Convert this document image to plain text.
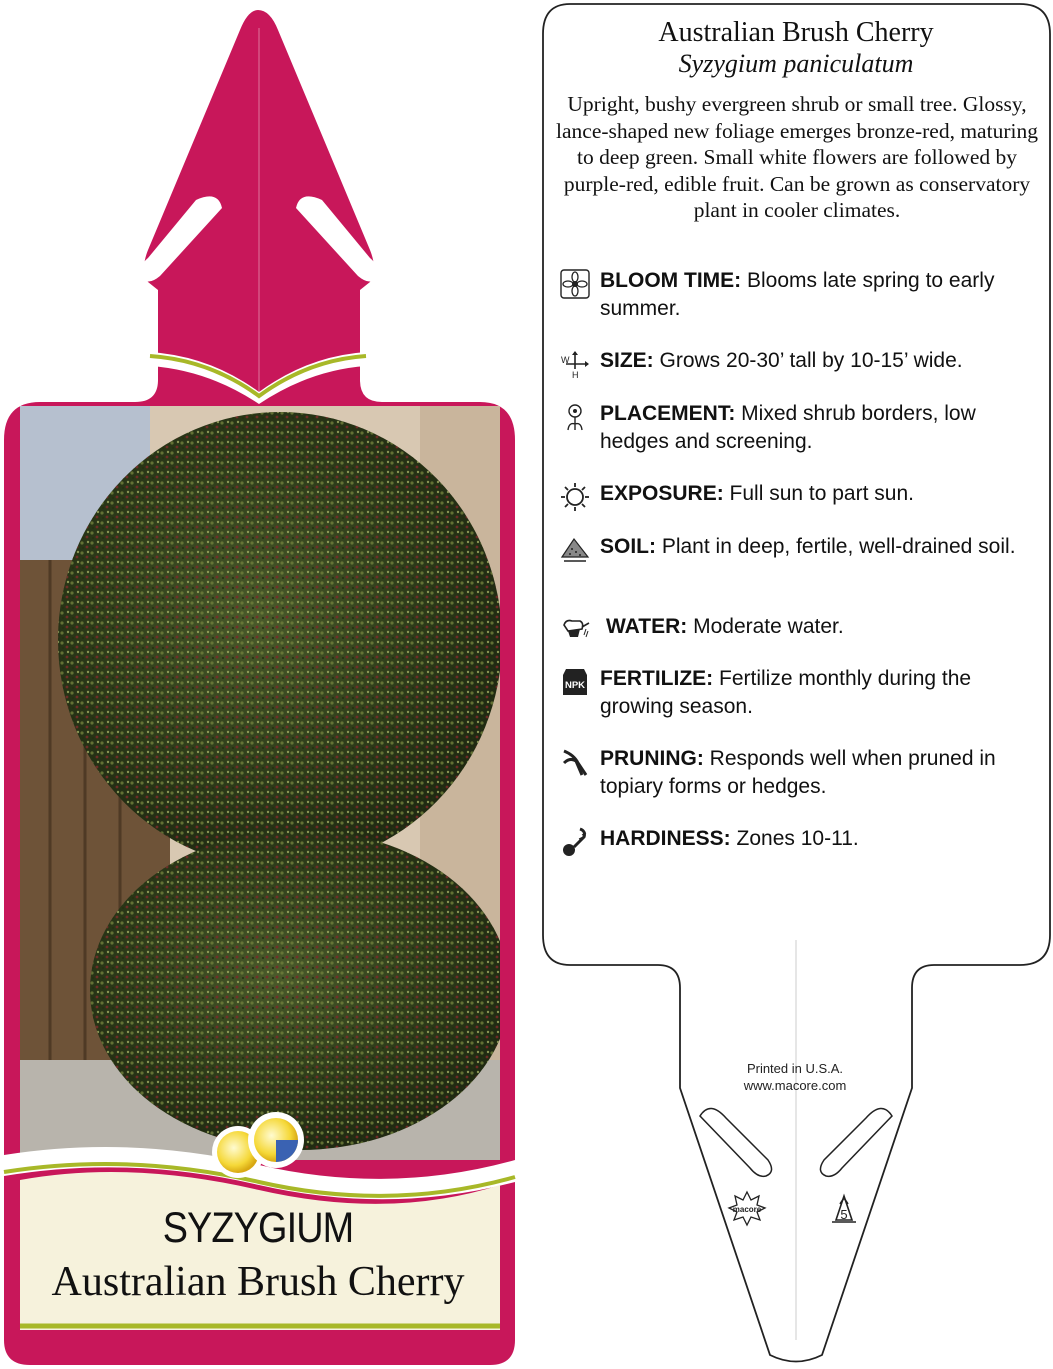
SYZYGIUM
Australian Brush Cherry
macore	5
Australian Brush Cherry
Syzygium paniculatum
Upright, bushy evergreen shrub or small tree. Glossy, lance-shaped new foliage emerges bronze-red, maturing to deep green. Small white flowers are followed by purple-red, edible fruit. Can be grown as conservatory plant in cooler climates.
BLOOM TIME: Blooms late spring to early summer.
W
H
SIZE: Grows 20-30’ tall by 10-15’ wide.
PLACEMENT: Mixed shrub borders, low hedges and screening.
EXPOSURE: Full sun to part sun.
SOIL: Plant in deep, fertile, well-drained soil.
WATER: Moderate water.
NPK FERTILIZE: Fertilize monthly during the growing season.
PRUNING: Responds well when pruned in topiary forms or hedges.
HARDINESS: Zones 10-11.
Printed in U.S.A.
www.macore.com
